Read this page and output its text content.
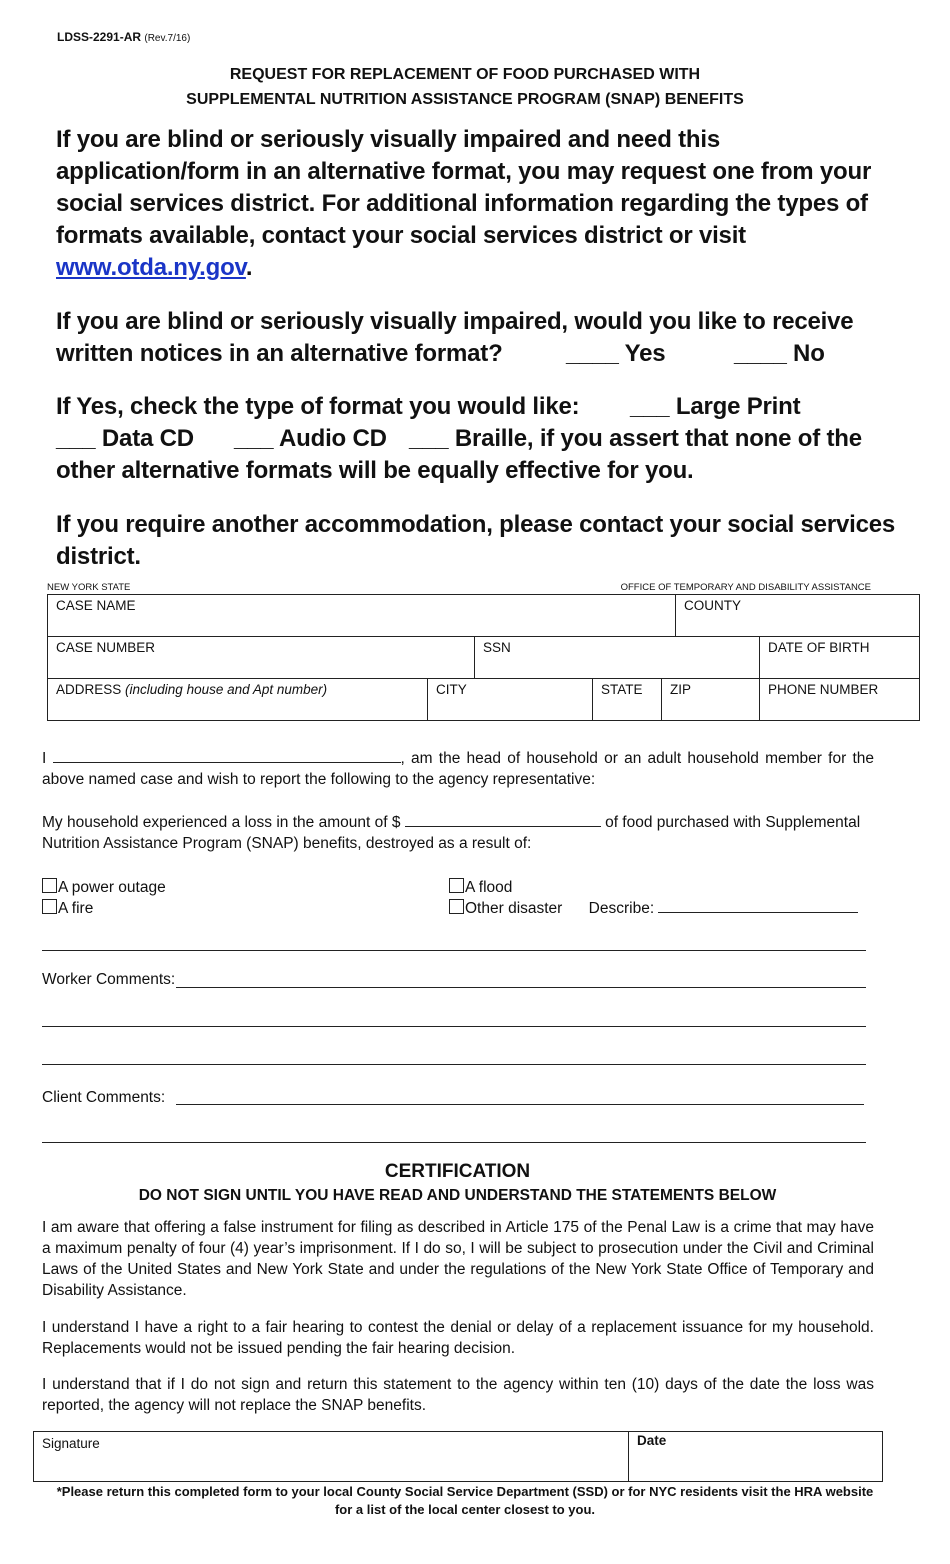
LDSS-2291-AR (Rev.7/16)
REQUEST FOR REPLACEMENT OF FOOD PURCHASED WITH
SUPPLEMENTAL NUTRITION ASSISTANCE PROGRAM (SNAP) BENEFITS
If you are blind or seriously visually impaired and need this application/form in an alternative format, you may request one from your social services district. For additional information regarding the types of formats available, contact your social services district or visit www.otda.ny.gov.
If you are blind or seriously visually impaired, would you like to receive
written notices in an alternative format?	____ Yes	____ No
If Yes, check the type of format you would like: ___ Large Print
___ Data CD ___ Audio CD ___ Braille, if you assert that none of the
other alternative formats will be equally effective for you.
If you require another accommodation, please contact your social services district.
NEW YORK STATE	OFFICE OF TEMPORARY AND DISABILITY ASSISTANCE
CASE NAME					COUNTY	
CASE NUMBER		SSN				DATE OF BIRTH
ADDRESS (including house and Apt number)	CITY		STATE	ZIP		PHONE NUMBER
I	, am the head of household or an adult household member for the above named case and wish to report the following to the agency representative:
My household experienced a loss in the amount of $	of food purchased with Supplemental Nutrition Assistance Program (SNAP) benefits, destroyed as a result of:
A power outage
A fire
A flood
Other disaster Describe:
Worker Comments:
Client Comments:
CERTIFICATION
DO NOT SIGN UNTIL YOU HAVE READ AND UNDERSTAND THE STATEMENTS BELOW
I am aware that offering a false instrument for filing as described in Article 175 of the Penal Law is a crime that may have a maximum penalty of four (4) year’s imprisonment. If I do so, I will be subject to prosecution under the Civil and Criminal Laws of the United States and New York State and under the regulations of the New York State Office of Temporary and Disability Assistance.
I understand I have a right to a fair hearing to contest the denial or delay of a replacement issuance for my household. Replacements would not be issued pending the fair hearing decision.
I understand that if I do not sign and return this statement to the agency within ten (10) days of the date the loss was reported, the agency will not replace the SNAP benefits.
Signature	Date
*Please return this completed form to your local County Social Service Department (SSD) or for NYC residents visit the HRA website
for a list of the local center closest to you.
